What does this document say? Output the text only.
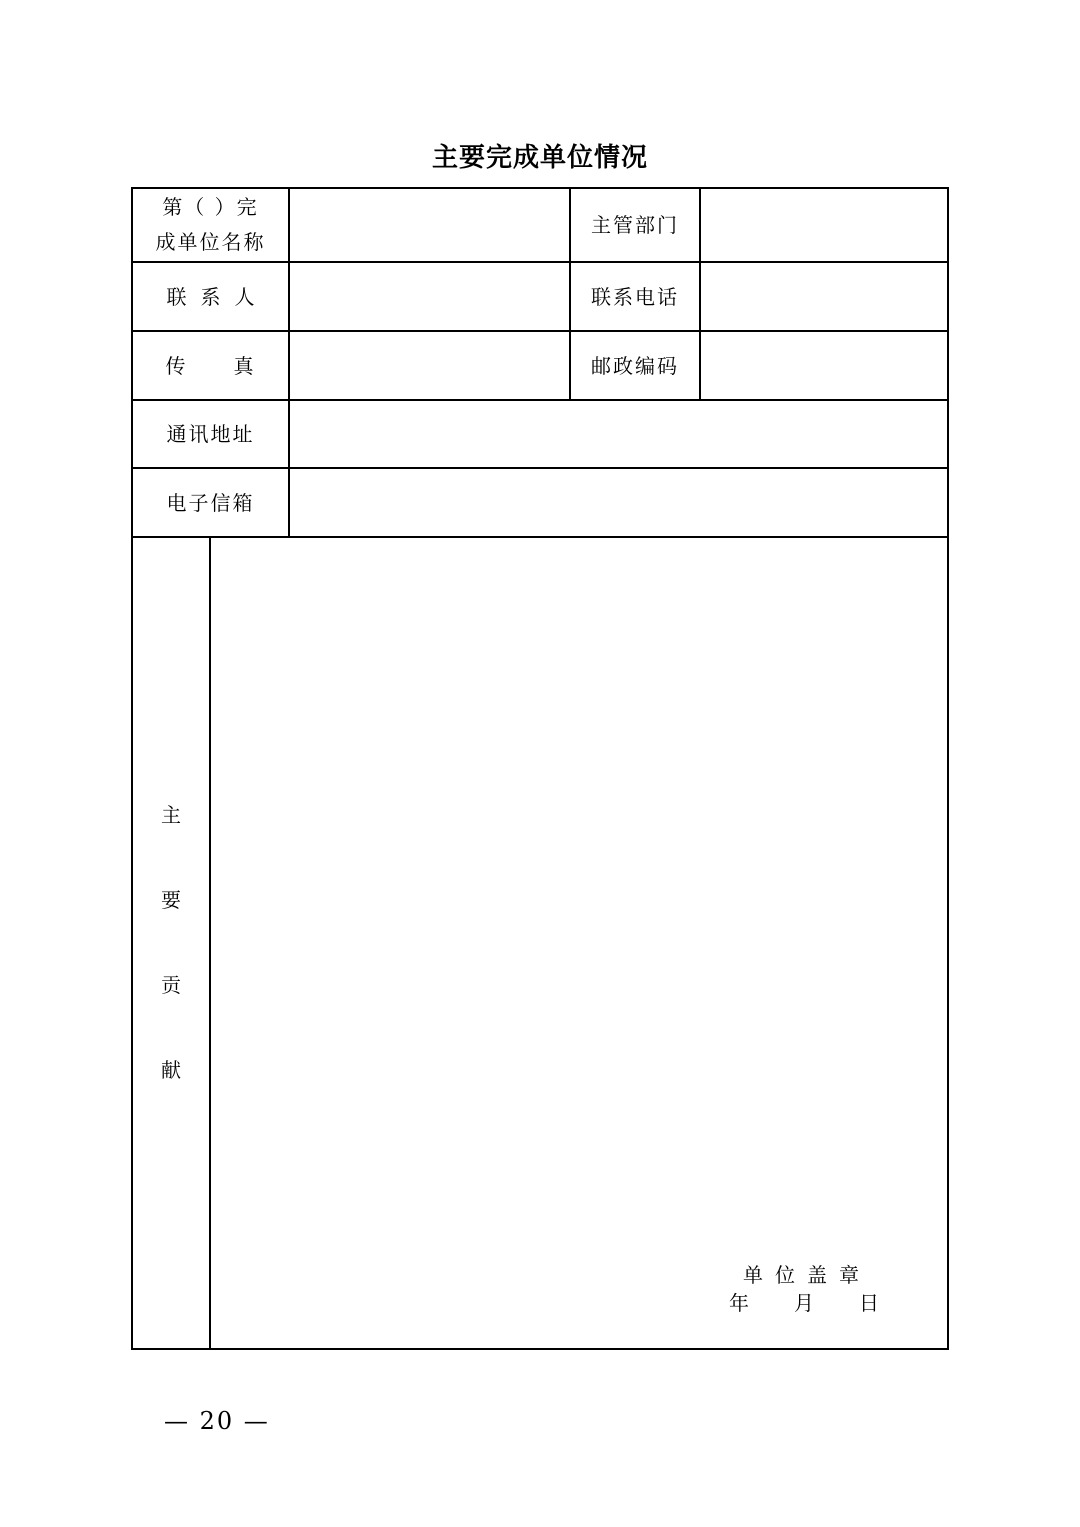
主要完成单位情况
第（ ）完
成单位名称
主管部门
联系人	联系电话
传 真	邮政编码
通讯地址
电子信箱
主
要
贡
献
单位盖章
年 月 日
— 20 —
